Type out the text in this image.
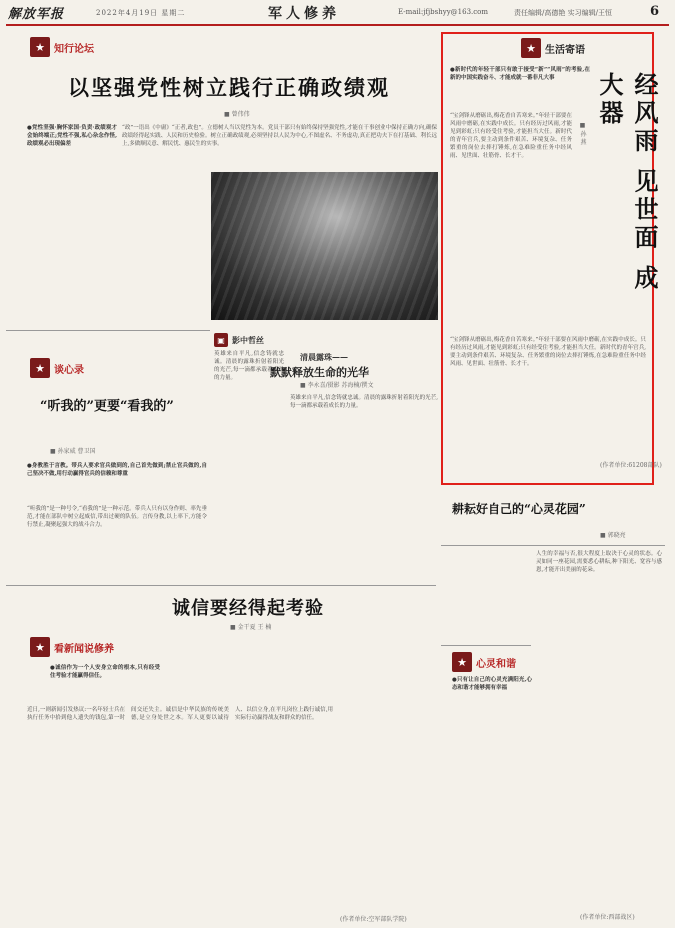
解放军报	2022年4月19日 星期二	军人修养	E-mail:jfjbshyy@163.com	责任编辑/高德艳 实习编辑/王恒	6
★ 知行论坛
以坚强党性树立践行正确政绩观
■ 曾伟伟
●党性坚强·胸怀家国·负责·政绩观才会始终端正;党性不强,私心杂念作怪,政绩观必出现偏差
“政”一语出《中庸》“正者,政也”。立德树人当以党性为本。党员干部只有始终保持坚强党性,才能在干事创业中保持正确方向,确保政绩经得起实践、人民和历史检验。树立正确政绩观,必须坚持以人民为中心,不图虚名、不务虚功,真正把功夫下在打基础、利长远上,多做顺民意、解民忧、惠民生的实事。
★ 谈心录
“听我的”更要“看我的”
■ 孙家威 曹卫国
●身教胜于言教。带兵人要求官兵做到的,自己首先做到;禁止官兵做的,自己坚决不做,用行动赢得官兵的信赖和尊重
“听我的”是一种号令,“看我的”是一种示范。带兵人只有以身作则、率先垂范,才能在部队中树立起威信,带出过硬的队伍。言传身教,以上率下,方能令行禁止,凝聚起强大的战斗合力。
▣ 影中哲丝
英雄来自平凡,信念铸就忠诚。清晨的露珠折射着阳光的光芒,每一滴都承载着成长的力量。
清晨露珠——
默默释放生命的光华
■ 李永喜/摄影 苏海楠/撰文
英雄来自平凡,信念铸就忠诚。清晨的露珠折射着阳光的光芒,每一滴都承载着成长的力量。
★ 生活寄语
●新时代的年轻干部只有敢于接受“新”“风雨”的考验,在新的中国实践奋斗、才能成就一番非凡大事	经风雨 见世面 成大器
■ 孙 燕
“宝剑锋从磨砺出,梅花香自苦寒来。”年轻干部要在风雨中磨砺,在实践中成长。只有经历过风雨,才能见到彩虹;只有经受住考验,才能担当大任。新时代的青年官兵,要主动到条件艰苦、环境复杂、任务繁重的岗位去摔打锤炼,在急难险重任务中经风雨、见世面、壮筋骨、长才干。
“宝剑锋从磨砺出,梅花香自苦寒来。”年轻干部要在风雨中磨砺,在实践中成长。只有经历过风雨,才能见到彩虹;只有经受住考验,才能担当大任。新时代的青年官兵,要主动到条件艰苦、环境复杂、任务繁重的岗位去摔打锤炼,在急难险重任务中经风雨、见世面、壮筋骨、长才干。
(作者单位:61208部队)
耕耘好自己的“心灵花园”
■ 郭晓亮
诚信要经得起考验
■ 金干夏 王 楠
★ 看新闻说修养
●诚信作为一个人安身立命的根本,只有经受住考验才能赢得信任。
近日,一则新闻引发热议:一名年轻士兵在执行任务中拾到他人遗失的钱包,第一时间交还失主。诚信是中华民族的传统美德,是立身处世之本。军人更要以诚待人、以信立身,在平凡岗位上践行诚信,用实际行动赢得战友和群众的信任。
(作者单位:空军部队学院)
★ 心灵和谐
●只有让自己的心灵充满阳光,心态和谐才能够拥有幸福
人生的幸福与否,很大程度上取决于心灵的状态。心灵如同一座花园,需要悉心耕耘,种下阳光、宽容与感恩,才能开出美丽的花朵。
(作者单位:西部战区)
